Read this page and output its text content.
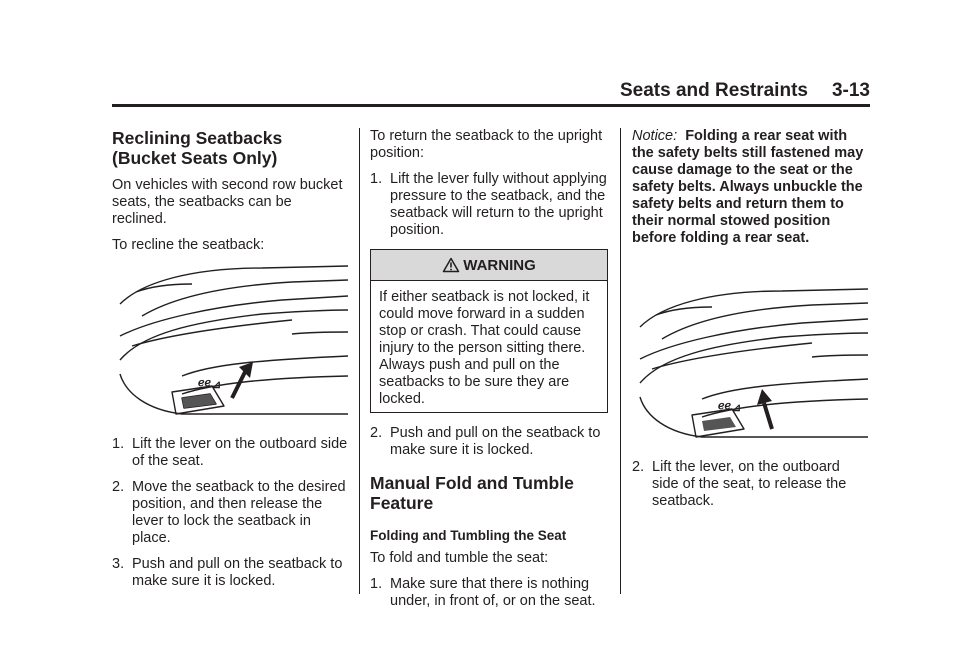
Seats and Restraints 3-13
Reclining Seatbacks (Bucket Seats Only)

On vehicles with second row bucket seats, the seatbacks can be reclined.

To recline the seatback:

ℯℯ ⊿
1. Lift the lever on the outboard side of the seat.
2. Move the seatback to the desired position, and then release the lever to lock the seatback in place.
3. Push and pull on the seatback to make sure it is locked.

To return the seatback to the upright position:

1. Lift the lever fully without applying pressure to the seatback, and the seatback will return to the upright position.
WARNING
If either seatback is not locked, it could move forward in a sudden stop or crash. That could cause injury to the person sitting there. Always push and pull on the seatbacks to be sure they are locked.
2. Push and pull on the seatback to make sure it is locked.
Manual Fold and Tumble Feature
Folding and Tumbling the Seat

To fold and tumble the seat:

1. Make sure that there is nothing under, in front of, or on the seat.

Notice: Folding a rear seat with the safety belts still fastened may cause damage to the seat or the safety belts. Always unbuckle the safety belts and return them to their normal stowed position before folding a rear seat.

ℯℯ ⊿
2. Lift the lever, on the outboard side of the seat, to release the seatback.
